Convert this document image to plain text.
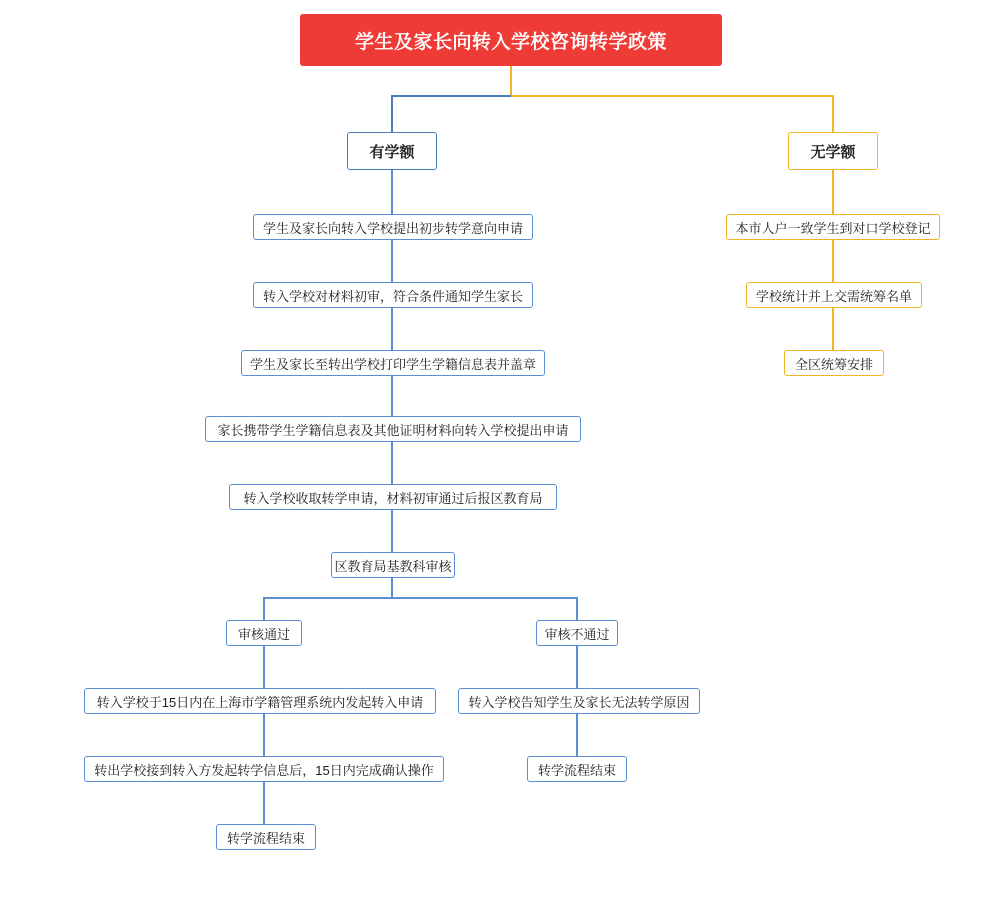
学生及家长向转入学校咨询转学政策
有学额	无学额
学生及家长向转入学校提出初步转学意向申请
转入学校对材料初审，符合条件通知学生家长
学生及家长至转出学校打印学生学籍信息表并盖章
家长携带学生学籍信息表及其他证明材料向转入学校提出申请
转入学校收取转学申请，材料初审通过后报区教育局
区教育局基教科审核
审核通过	审核不通过
转入学校于15日内在上海市学籍管理系统内发起转入申请
转出学校接到转入方发起转学信息后，15日内完成确认操作
转学流程结束
转入学校告知学生及家长无法转学原因
转学流程结束
本市人户一致学生到对口学校登记
学校统计并上交需统筹名单
全区统筹安排
